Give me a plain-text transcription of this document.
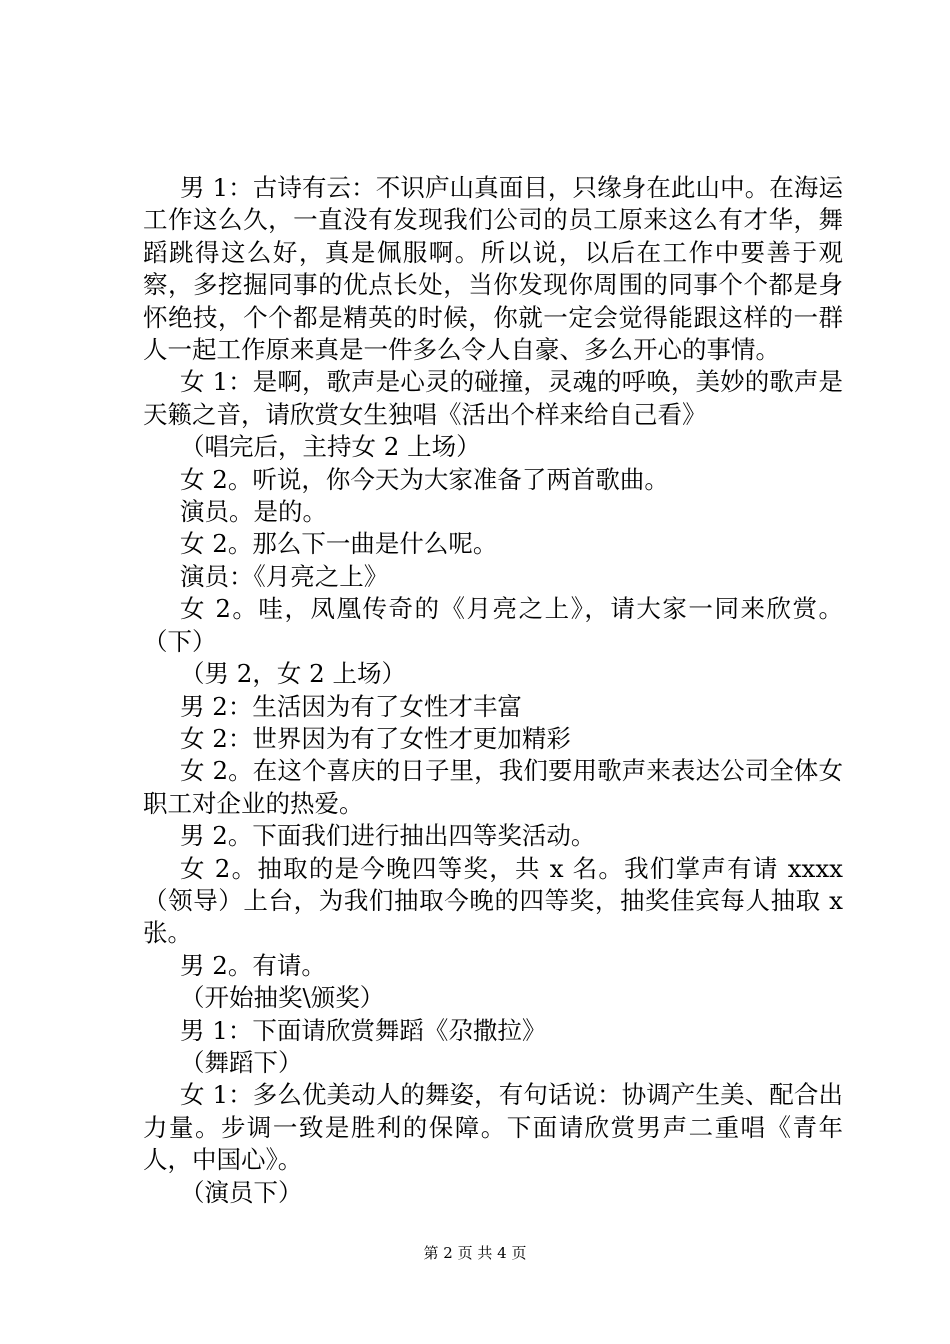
男 1：古诗有云：不识庐山真面目，只缘身在此山中。在海运工作这么久，一直没有发现我们公司的员工原来这么有才华，舞蹈跳得这么好，真是佩服啊。所以说，以后在工作中要善于观察，多挖掘同事的优点长处，当你发现你周围的同事个个都是身怀绝技，个个都是精英的时候，你就一定会觉得能跟这样的一群人一起工作原来真是一件多么令人自豪、多么开心的事情。

女 1：是啊，歌声是心灵的碰撞，灵魂的呼唤，美妙的歌声是天籁之音，请欣赏女生独唱《活出个样来给自己看》

（唱完后，主持女 2 上场）

女 2。听说，你今天为大家准备了两首歌曲。

演员。是的。

女 2。那么下一曲是什么呢。

演员：《月亮之上》

女 2。哇，凤凰传奇的《月亮之上》，请大家一同来欣赏。（下）

（男 2，女 2 上场）

男 2：生活因为有了女性才丰富

女 2：世界因为有了女性才更加精彩

女 2。在这个喜庆的日子里，我们要用歌声来表达公司全体女职工对企业的热爱。

男 2。下面我们进行抽出四等奖活动。

女 2。抽取的是今晚四等奖，共 x 名。我们掌声有请 xxxx（领导）上台，为我们抽取今晚的四等奖，抽奖佳宾每人抽取 x 张。

男 2。有请。

（开始抽奖\颁奖）

男 1：下面请欣赏舞蹈《尕撒拉》

（舞蹈下）

女 1：多么优美动人的舞姿，有句话说：协调产生美、配合出力量。步调一致是胜利的保障。下面请欣赏男声二重唱《青年人，中国心》。

（演员下）

第 2 页 共 4 页
